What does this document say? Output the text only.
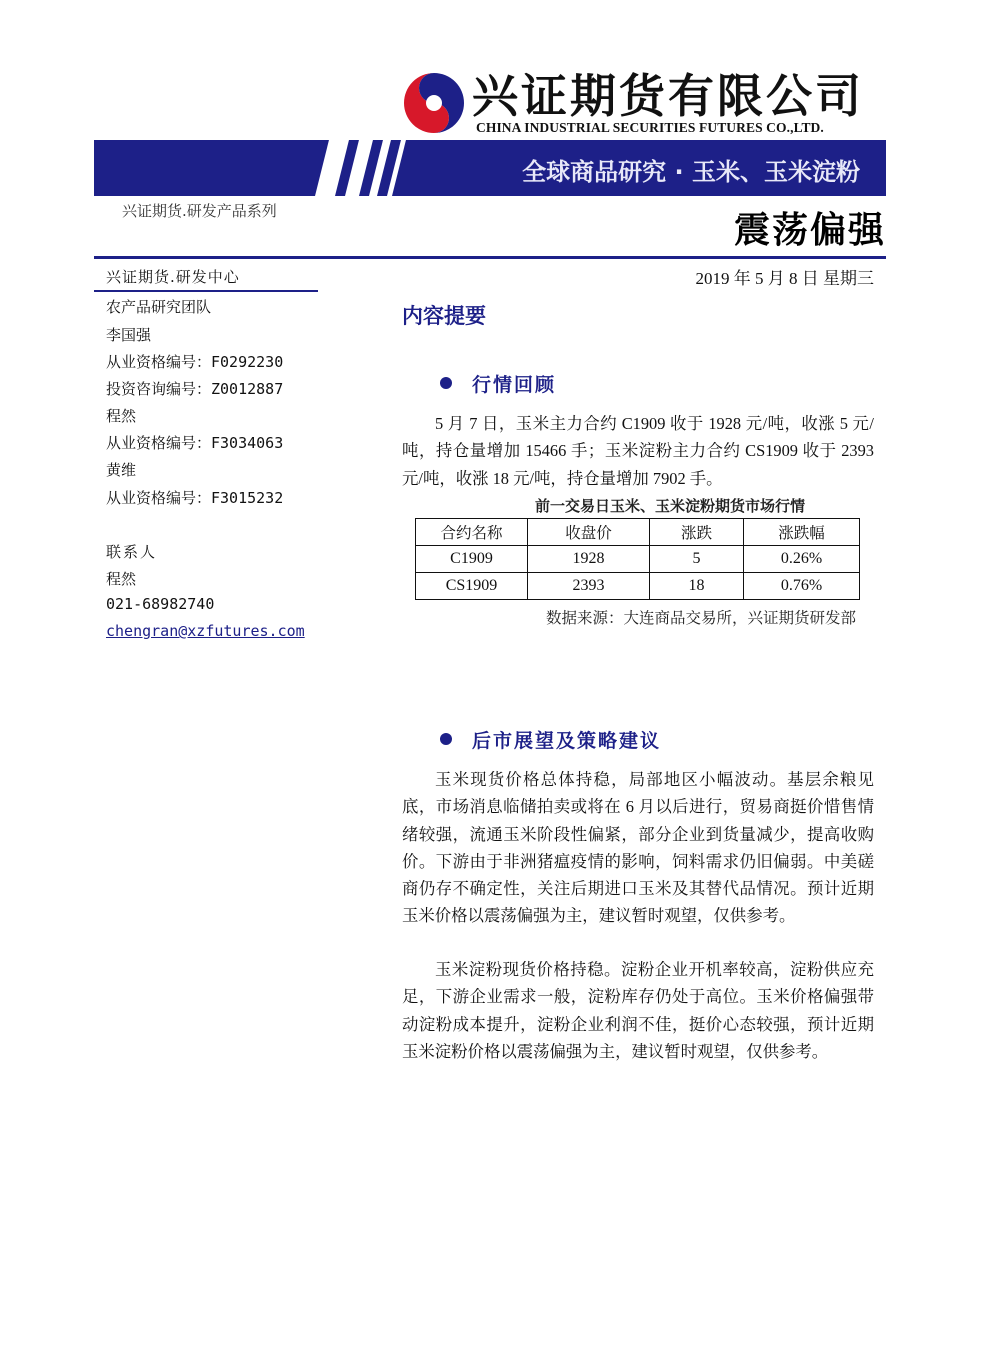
兴证期货有限公司
CHINA INDUSTRIAL SECURITIES FUTURES CO.,LTD.
全球商品研究 · 玉米、玉米淀粉
兴证期货.研发产品系列	震荡偏强
兴证期货.研发中心
农产品研究团队
李国强
从业资格编号：F0292230
投资咨询编号：Z0012887
程然
从业资格编号：F3034063
黄维
从业资格编号：F3015232
联系人
程然
021-68982740
chengran@xzfutures.com
2019 年 5 月 8 日 星期三
内容提要
行情回顾

5 月 7 日，玉米主力合约 C1909 收于 1928 元/吨，收涨 5 元/吨，持仓量增加 15466 手；玉米淀粉主力合约 CS1909 收于 2393 元/吨，收涨 18 元/吨，持仓量增加 7902 手。

前一交易日玉米、玉米淀粉期货市场行情
合约名称	收盘价	涨跌	涨跌幅
C1909	1928	5	0.26%
CS1909	2393	18	0.76%
数据来源：大连商品交易所，兴证期货研发部
后市展望及策略建议

玉米现货价格总体持稳，局部地区小幅波动。基层余粮见底，市场消息临储拍卖或将在 6 月以后进行，贸易商挺价惜售情绪较强，流通玉米阶段性偏紧，部分企业到货量减少，提高收购价。下游由于非洲猪瘟疫情的影响，饲料需求仍旧偏弱。中美磋商仍存不确定性，关注后期进口玉米及其替代品情况。预计近期玉米价格以震荡偏强为主，建议暂时观望，仅供参考。

玉米淀粉现货价格持稳。淀粉企业开机率较高，淀粉供应充足，下游企业需求一般，淀粉库存仍处于高位。玉米价格偏强带动淀粉成本提升，淀粉企业利润不佳，挺价心态较强，预计近期玉米淀粉价格以震荡偏强为主，建议暂时观望，仅供参考。
